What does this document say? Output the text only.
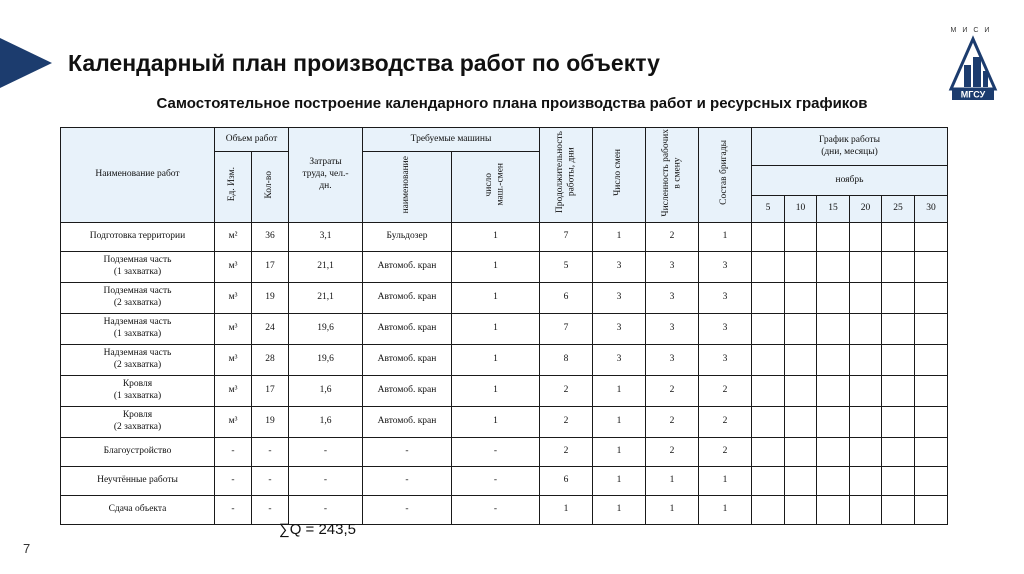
Календарный план производства работ по объекту
Самостоятельное построение календарного плана производства работ и ресурсных графиков
МИСИ
МГСУ
Наименование работ	Объем работ		Затраты труда, чел.-дн.	Требуемые машины		Продолжительность
работы, дни	Число смен	Численность рабочих
в смену	Состав бригады	График работы
(дни, месяцы)					
	Ед. Изм.	Кол-во		наименование	число
маш.-смен										
										ноябрь					
										5	10	15	20	25	30
Подготовка территории	м²	36	3,1	Бульдозер	1	7	1	2	1						
Подземная часть
(1 захватка)	м³	17	21,1	Автомоб. кран	1	5	3	3	3						
Подземная часть
(2 захватка)	м³	19	21,1	Автомоб. кран	1	6	3	3	3						
Надземная часть
(1 захватка)	м³	24	19,6	Автомоб. кран	1	7	3	3	3						
Надземная часть
(2 захватка)	м³	28	19,6	Автомоб. кран	1	8	3	3	3						
Кровля
(1 захватка)	м³	17	1,6	Автомоб. кран	1	2	1	2	2						
Кровля
(2 захватка)	м³	19	1,6	Автомоб. кран	1	2	1	2	2						
Благоустройство	-	-	-	-	-	2	1	2	2						
Неучтённые работы	-	-	-	-	-	6	1	1	1						
Сдача объекта	-	-	-	-	-	1	1	1	1						
∑Q = 243,5
7
